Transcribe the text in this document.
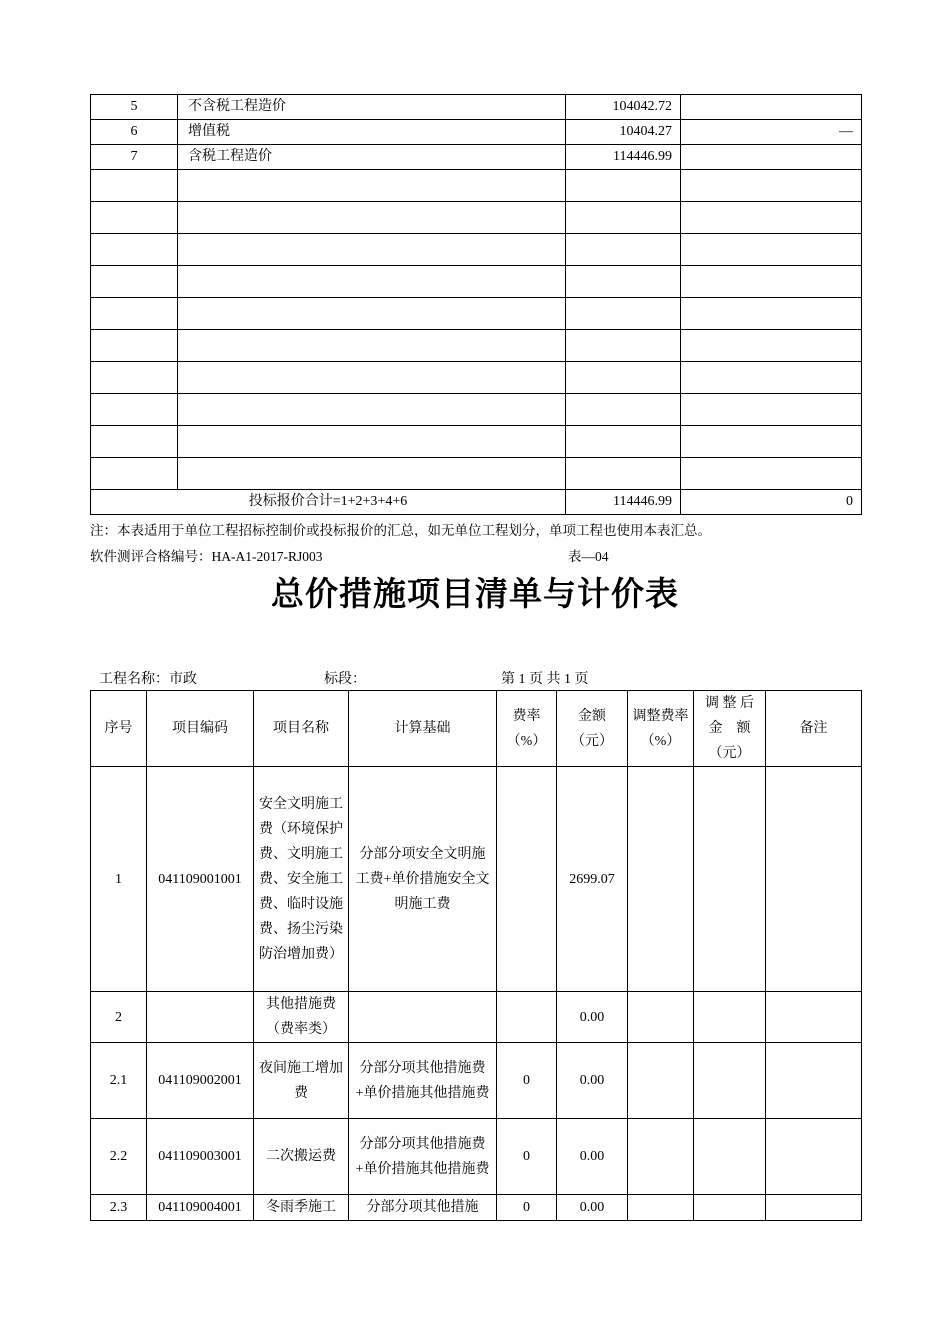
5	不含税工程造价	104042.72	
6	增值税	10404.27	—
7	含税工程造价	114446.99	

投标报价合计=1+2+3+4+6		114446.99	0
注：本表适用于单位工程招标控制价或投标报价的汇总，如无单位工程划分，单项工程也使用本表汇总。
软件测评合格编号：HA-A1-2017-RJ003	表—04
总价措施项目清单与计价表
工程名称：市政	标段：	第 1 页 共 1 页
序号	项目编码	项目名称	计算基础	费率（%）	金额（元）	调整费率（%）	调 整 后 金　额（元）	备注
1	041109001001	安全文明施工费（环境保护费、文明施工费、安全施工费、临时设施费、扬尘污染防治增加费）	分部分项安全文明施工费+单价措施安全文明施工费		2699.07			
2		其他措施费（费率类）			0.00			
2.1	041109002001	夜间施工增加费	分部分项其他措施费+单价措施其他措施费	0	0.00			
2.2	041109003001	二次搬运费	分部分项其他措施费+单价措施其他措施费	0	0.00			
2.3	041109004001	冬雨季施工	分部分项其他措施	0	0.00			
